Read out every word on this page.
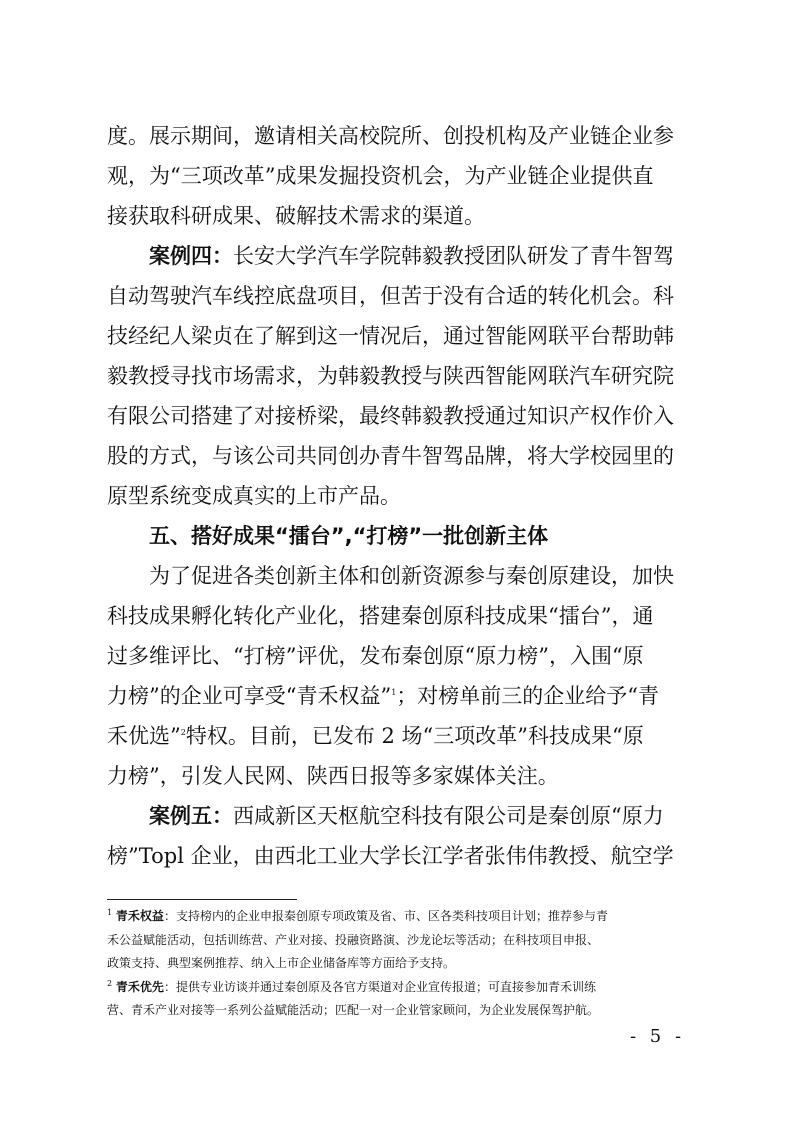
度。展示期间，邀请相关高校院所、创投机构及产业链企业参
观，为“三项改革”成果发掘投资机会，为产业链企业提供直
接获取科研成果、破解技术需求的渠道。
案例四：长安大学汽车学院韩毅教授团队研发了青牛智驾
自动驾驶汽车线控底盘项目，但苦于没有合适的转化机会。科
技经纪人梁贞在了解到这一情况后，通过智能网联平台帮助韩
毅教授寻找市场需求，为韩毅教授与陕西智能网联汽车研究院
有限公司搭建了对接桥梁，最终韩毅教授通过知识产权作价入
股的方式，与该公司共同创办青牛智驾品牌，将大学校园里的
原型系统变成真实的上市产品。
五、搭好成果“擂台”,“打榜”一批创新主体
为了促进各类创新主体和创新资源参与秦创原建设，加快
科技成果孵化转化产业化，搭建秦创原科技成果“擂台”，通
过多维评比、“打榜”评优，发布秦创原“原力榜”，入围“原
力榜”的企业可享受“青禾权益”$^1$；对榜单前三的企业给予“青
禾优选”$^2$特权。目前，已发布 2 场“三项改革”科技成果“原
力榜”，引发人民网、陕西日报等多家媒体关注。
案例五：西咸新区天枢航空科技有限公司是秦创原“原力
榜”Topl 企业，由西北工业大学长江学者张伟伟教授、航空学
$^1$ 青禾权益：支持榜内的企业申报秦创原专项政策及省、市、区各类科技项目计划；推荐参与青
禾公益赋能活动，包括训练营、产业对接、投融资路演、沙龙论坛等活动；在科技项目申报、
政策支持、典型案例推荐、纳入上市企业储备库等方面给予支持。
$^2$ 青禾优先：提供专业访谈并通过秦创原及各官方渠道对企业宣传报道；可直接参加青禾训练
营、青禾产业对接等一系列公益赋能活动；匹配一对一企业管家顾问，为企业发展保驾护航。
- 5 -
